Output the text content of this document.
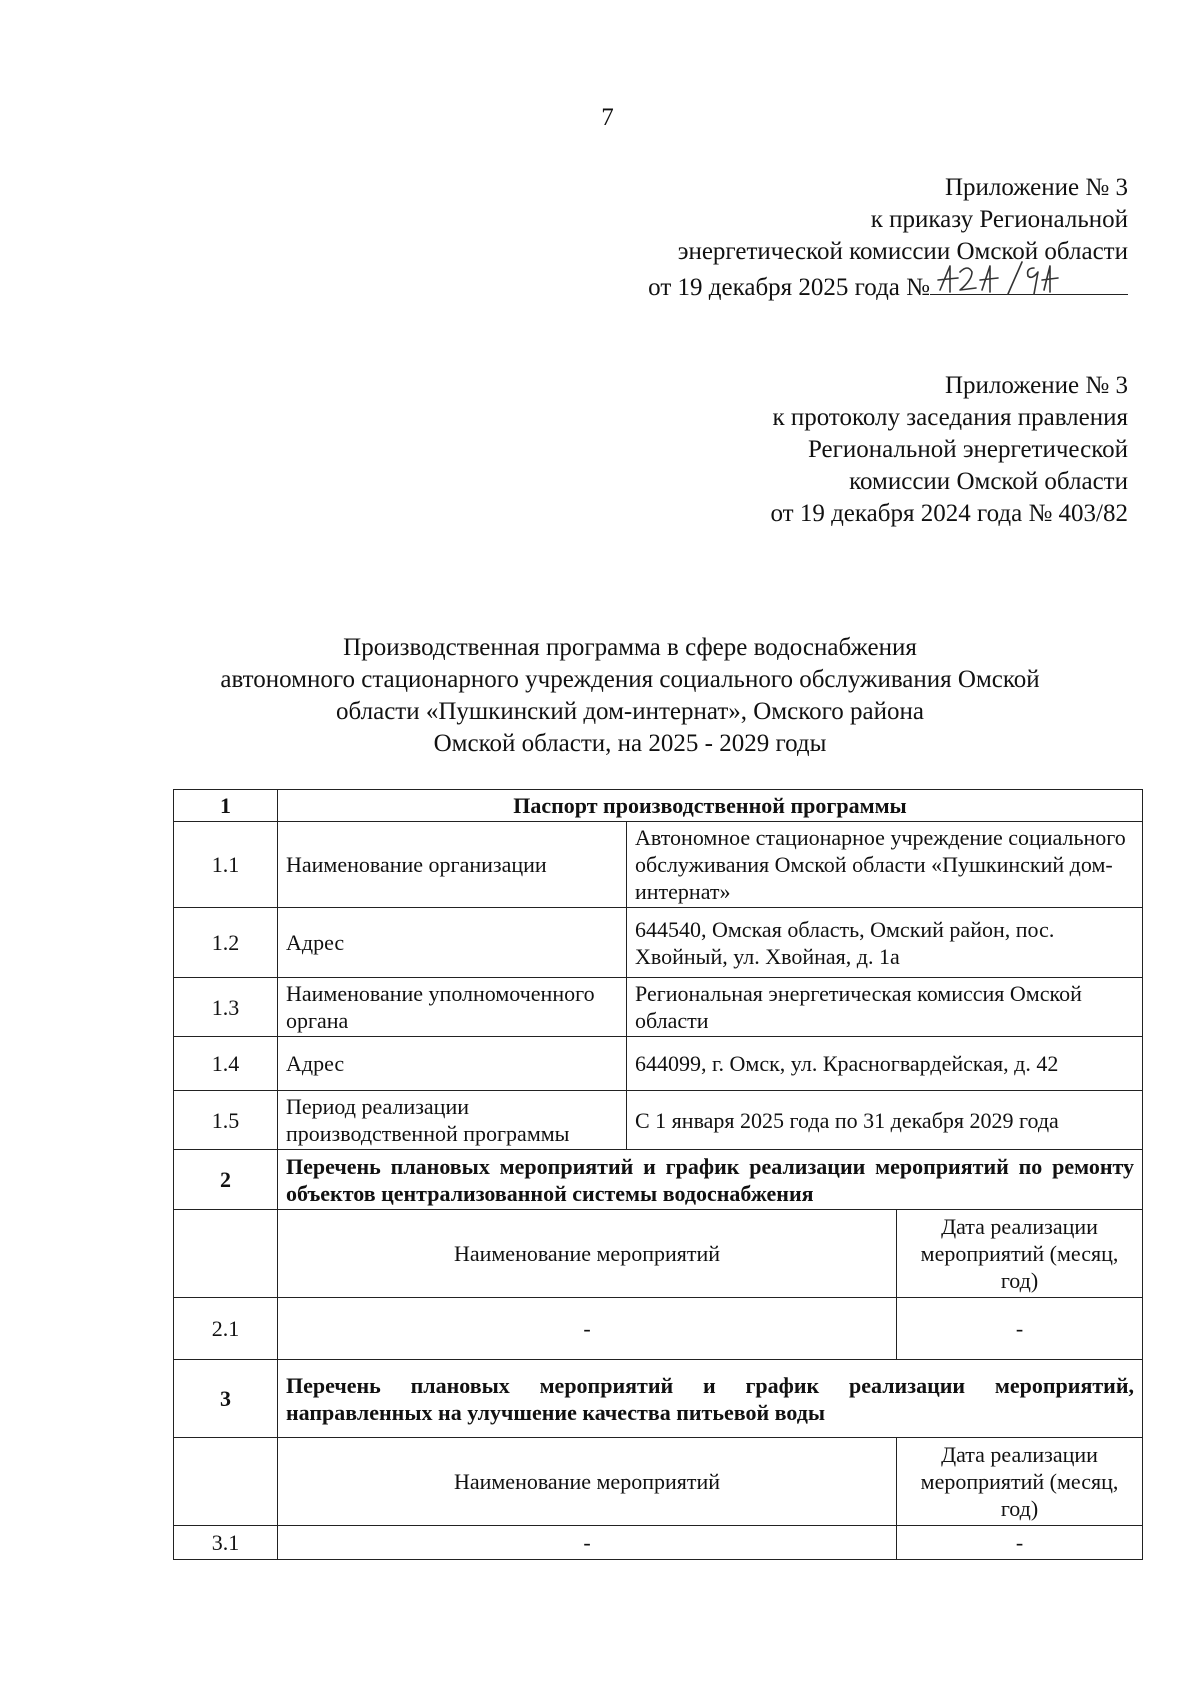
7
Приложение № 3
к приказу Региональной
энергетической комиссии Омской области
от 19 декабря 2025 года №
Приложение № 3
к протоколу заседания правления
Региональной энергетической
комиссии Омской области
от 19 декабря 2024 года № 403/82
Производственная программа в сфере водоснабжения
автономного стационарного учреждения социального обслуживания Омской
области «Пушкинский дом-интернат», Омского района
Омской области, на 2025 - 2029 годы
1	Паспорт производственной программы		
1.1	Наименование организации	Автономное стационарное учреждение социального обслуживания Омской области «Пушкинский дом-интернат»	
1.2	Адрес	644540, Омская область, Омский район, пос. Хвойный, ул. Хвойная, д. 1а	
1.3	Наименование уполномоченного органа	Региональная энергетическая комиссия Омской области	
1.4	Адрес	644099, г. Омск, ул. Красногвардейская, д. 42	
1.5	Период реализации производственной программы	С 1 января 2025 года по 31 декабря 2029 года	
2	Перечень плановых мероприятий и график реализации мероприятий по ремонту объектов централизованной системы водоснабжения		
	Наименование мероприятий		Дата реализации мероприятий (месяц, год)
2.1	-		-
3	Перечень плановых мероприятий и график реализации мероприятий, направленных на улучшение качества питьевой воды		
	Наименование мероприятий		Дата реализации мероприятий (месяц, год)
3.1	-		-
